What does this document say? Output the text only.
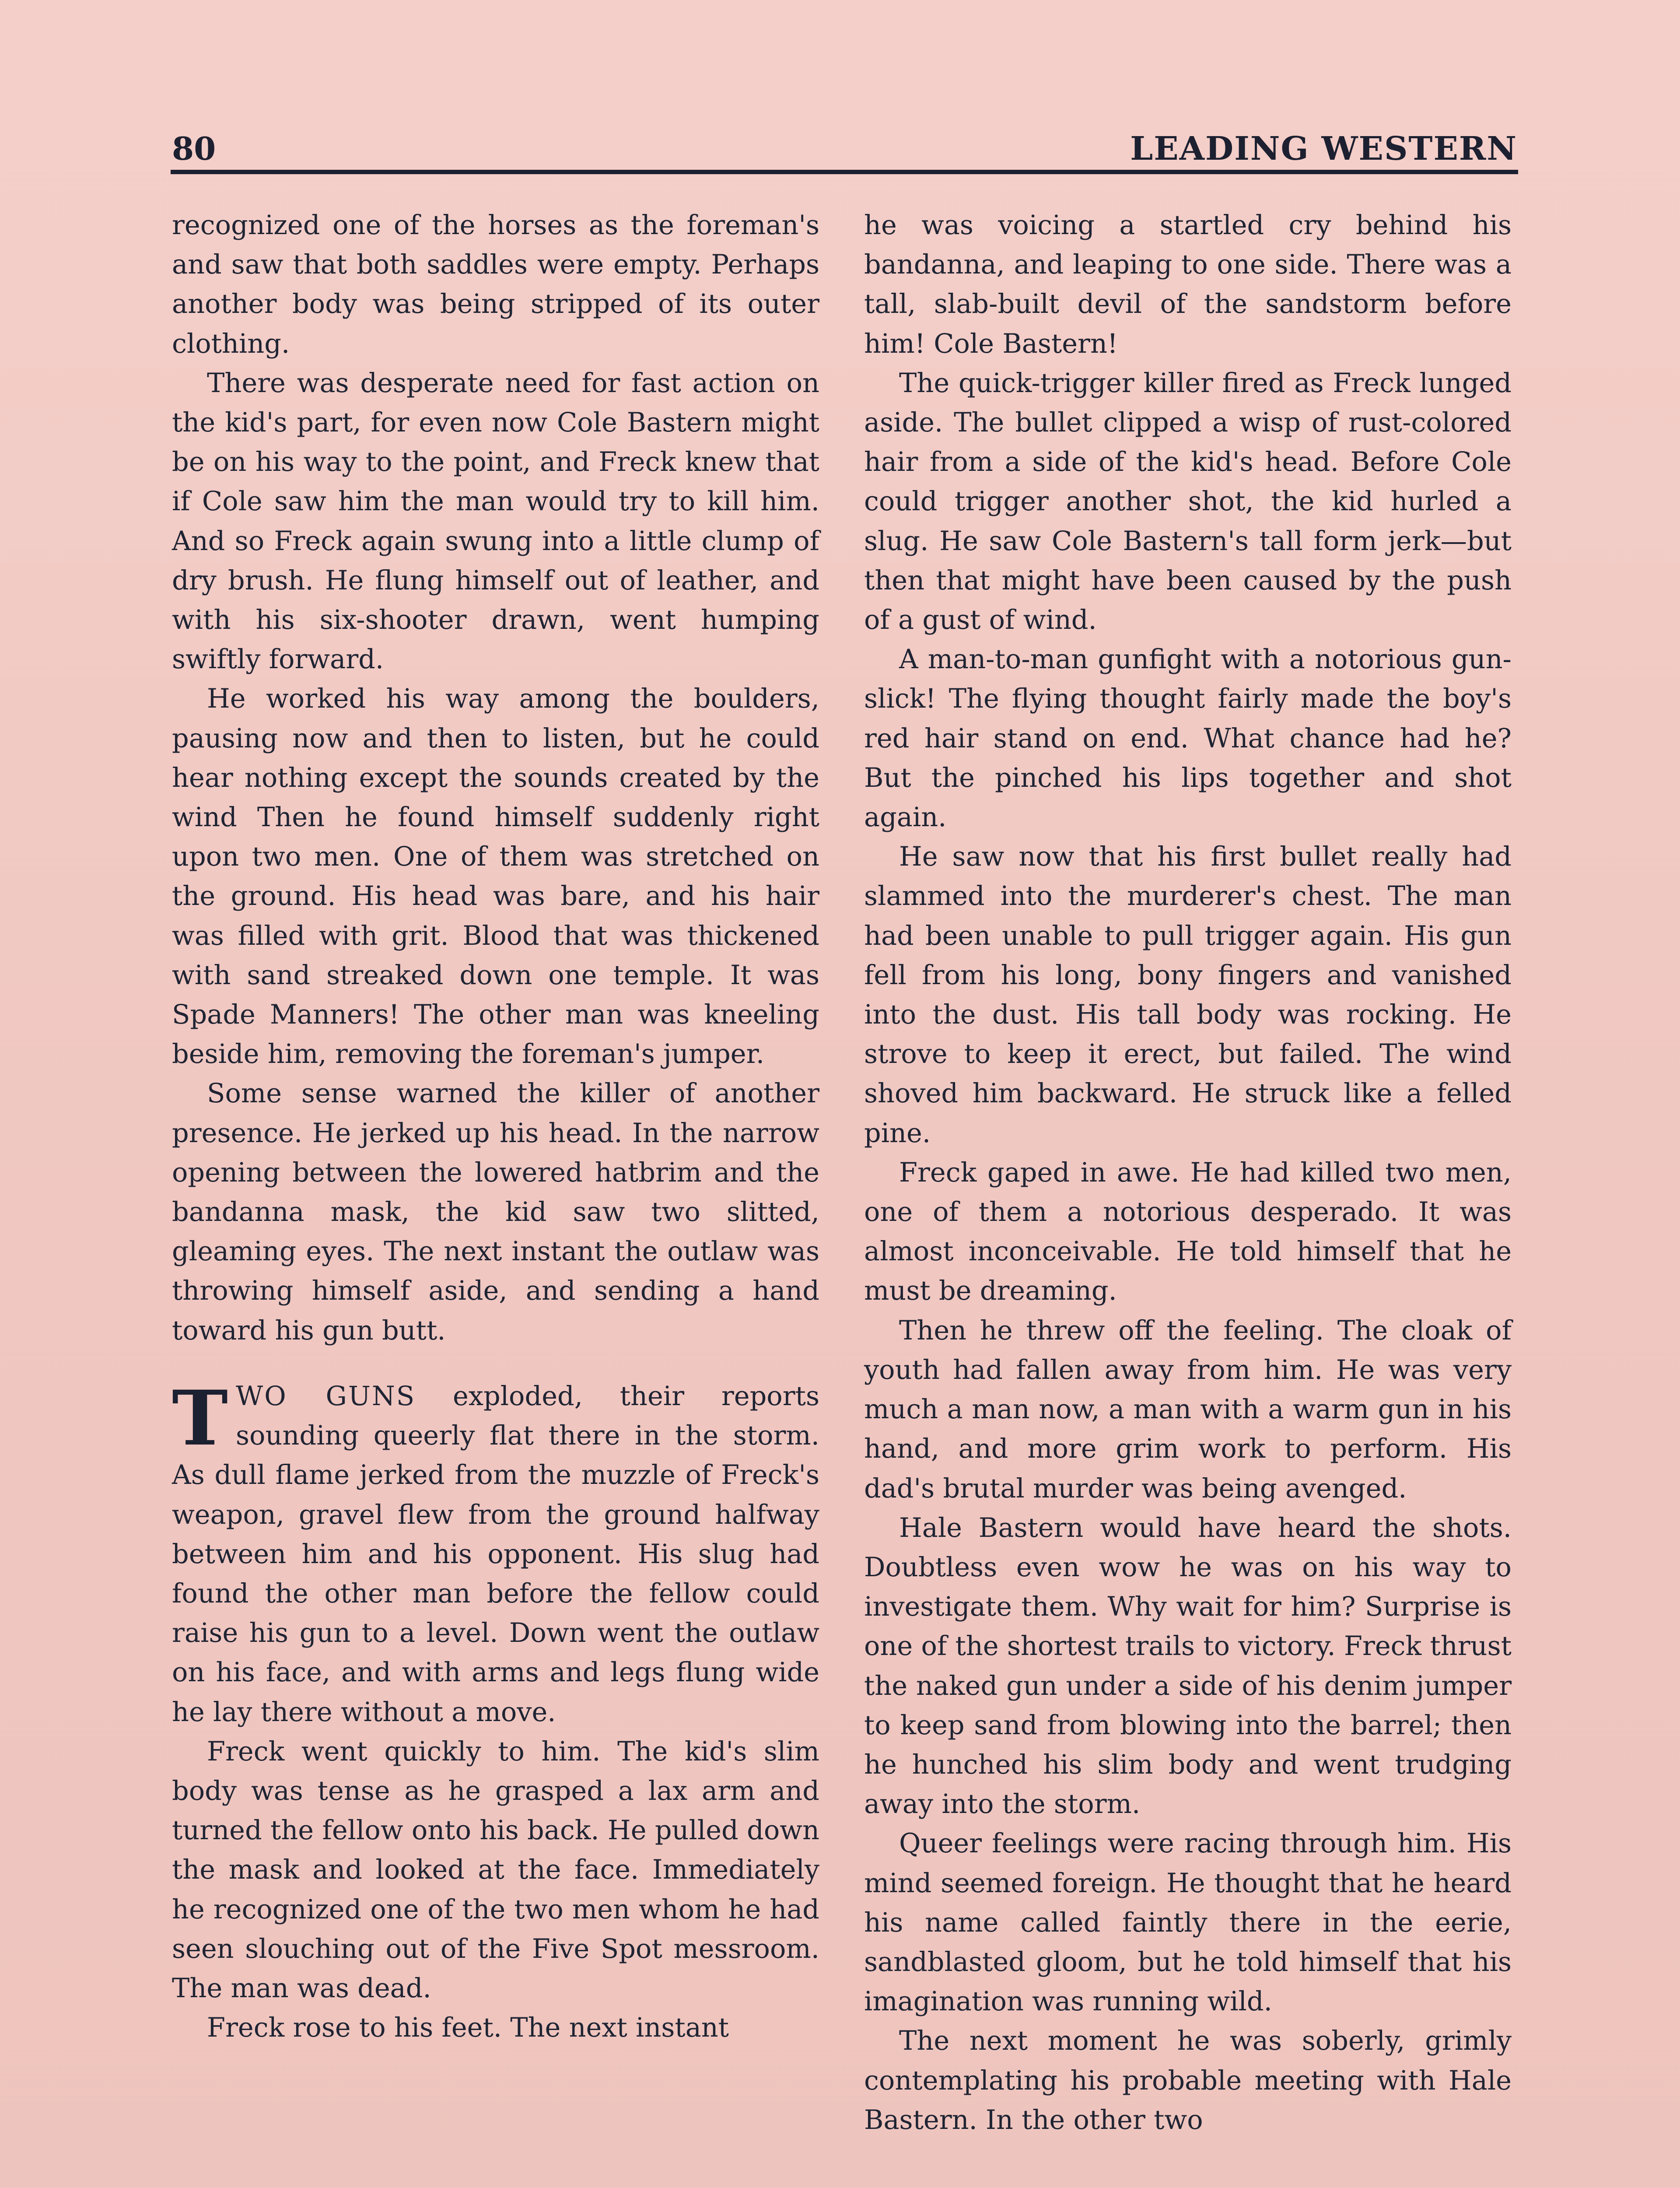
80	LEADING WESTERN

recognized one of the horses as the foreman's and saw that both saddles were empty. Perhaps another body was being stripped of its outer clothing.

There was desperate need for fast action on the kid's part, for even now Cole Bastern might be on his way to the point, and Freck knew that if Cole saw him the man would try to kill him. And so Freck again swung into a little clump of dry brush. He flung himself out of leather, and with his six-shooter drawn, went humping swiftly forward.

He worked his way among the boulders, pausing now and then to listen, but he could hear nothing except the sounds created by the wind Then he found himself suddenly right upon two men. One of them was stretched on the ground. His head was bare, and his hair was filled with grit. Blood that was thickened with sand streaked down one temple. It was Spade Manners! The other man was kneeling beside him, removing the foreman's jumper.

Some sense warned the killer of another presence. He jerked up his head. In the narrow opening between the lowered hatbrim and the bandanna mask, the kid saw two slitted, gleaming eyes. The next instant the outlaw was throwing himself aside, and sending a hand toward his gun butt.

TWO GUNS exploded, their reports sounding queerly flat there in the storm. As dull flame jerked from the muzzle of Freck's weapon, gravel flew from the ground halfway between him and his opponent. His slug had found the other man before the fellow could raise his gun to a level. Down went the outlaw on his face, and with arms and legs flung wide he lay there without a move.

Freck went quickly to him. The kid's slim body was tense as he grasped a lax arm and turned the fellow onto his back. He pulled down the mask and looked at the face. Immediately he recognized one of the two men whom he had seen slouching out of the Five Spot messroom. The man was dead.

Freck rose to his feet. The next instant

he was voicing a startled cry behind his bandanna, and leaping to one side. There was a tall, slab-built devil of the sandstorm before him! Cole Bastern!

The quick-trigger killer fired as Freck lunged aside. The bullet clipped a wisp of rust-colored hair from a side of the kid's head. Before Cole could trigger another shot, the kid hurled a slug. He saw Cole Bastern's tall form jerk—but then that might have been caused by the push of a gust of wind.

A man-to-man gunfight with a notorious gun-slick! The flying thought fairly made the boy's red hair stand on end. What chance had he? But the pinched his lips together and shot again.

He saw now that his first bullet really had slammed into the murderer's chest. The man had been unable to pull trigger again. His gun fell from his long, bony fingers and vanished into the dust. His tall body was rocking. He strove to keep it erect, but failed. The wind shoved him backward. He struck like a felled pine.

Freck gaped in awe. He had killed two men, one of them a notorious desperado. It was almost inconceivable. He told himself that he must be dreaming.

Then he threw off the feeling. The cloak of youth had fallen away from him. He was very much a man now, a man with a warm gun in his hand, and more grim work to perform. His dad's brutal murder was being avenged.

Hale Bastern would have heard the shots. Doubtless even wow he was on his way to investigate them. Why wait for him? Surprise is one of the shortest trails to victory. Freck thrust the naked gun under a side of his denim jumper to keep sand from blowing into the barrel; then he hunched his slim body and went trudging away into the storm.

Queer feelings were racing through him. His mind seemed foreign. He thought that he heard his name called faintly there in the eerie, sandblasted gloom, but he told himself that his imagination was running wild.

The next moment he was soberly, grimly contemplating his probable meeting with Hale Bastern. In the other two
